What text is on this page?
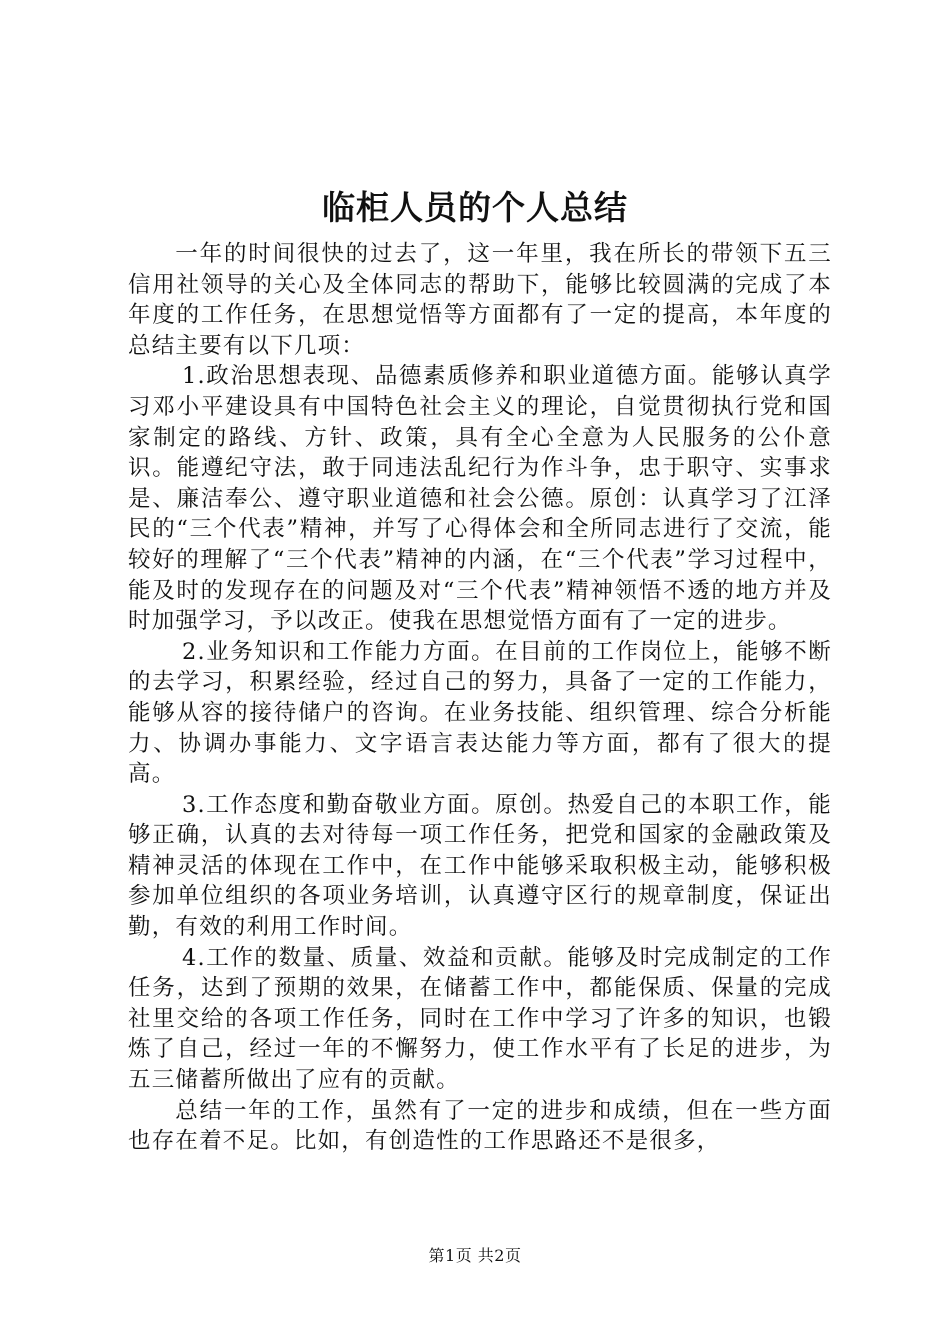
临柜人员的个人总结

一年的时间很快的过去了，这一年里，我在所长的带领下五三信用社领导的关心及全体同志的帮助下，能够比较圆满的完成了本年度的工作任务，在思想觉悟等方面都有了一定的提高，本年度的总结主要有以下几项：

1.政治思想表现、品德素质修养和职业道德方面。能够认真学习邓小平建设具有中国特色社会主义的理论，自觉贯彻执行党和国家制定的路线、方针、政策，具有全心全意为人民服务的公仆意识。能遵纪守法，敢于同违法乱纪行为作斗争，忠于职守、实事求是、廉洁奉公、遵守职业道德和社会公德。原创：认真学习了江泽民的“三个代表”精神，并写了心得体会和全所同志进行了交流，能较好的理解了“三个代表”精神的内涵，在“三个代表”学习过程中，能及时的发现存在的问题及对“三个代表”精神领悟不透的地方并及时加强学习，予以改正。使我在思想觉悟方面有了一定的进步。

2.业务知识和工作能力方面。在目前的工作岗位上，能够不断的去学习，积累经验，经过自己的努力，具备了一定的工作能力，能够从容的接待储户的咨询。在业务技能、组织管理、综合分析能力、协调办事能力、文字语言表达能力等方面，都有了很大的提高。

3.工作态度和勤奋敬业方面。原创。热爱自己的本职工作，能够正确，认真的去对待每一项工作任务，把党和国家的金融政策及精神灵活的体现在工作中，在工作中能够采取积极主动，能够积极参加单位组织的各项业务培训，认真遵守区行的规章制度，保证出勤，有效的利用工作时间。

4.工作的数量、质量、效益和贡献。能够及时完成制定的工作任务，达到了预期的效果，在储蓄工作中，都能保质、保量的完成社里交给的各项工作任务，同时在工作中学习了许多的知识，也锻炼了自己，经过一年的不懈努力，使工作水平有了长足的进步，为五三储蓄所做出了应有的贡献。

总结一年的工作，虽然有了一定的进步和成绩，但在一些方面也存在着不足。比如，有创造性的工作思路还不是很多，

第1页 共2页
